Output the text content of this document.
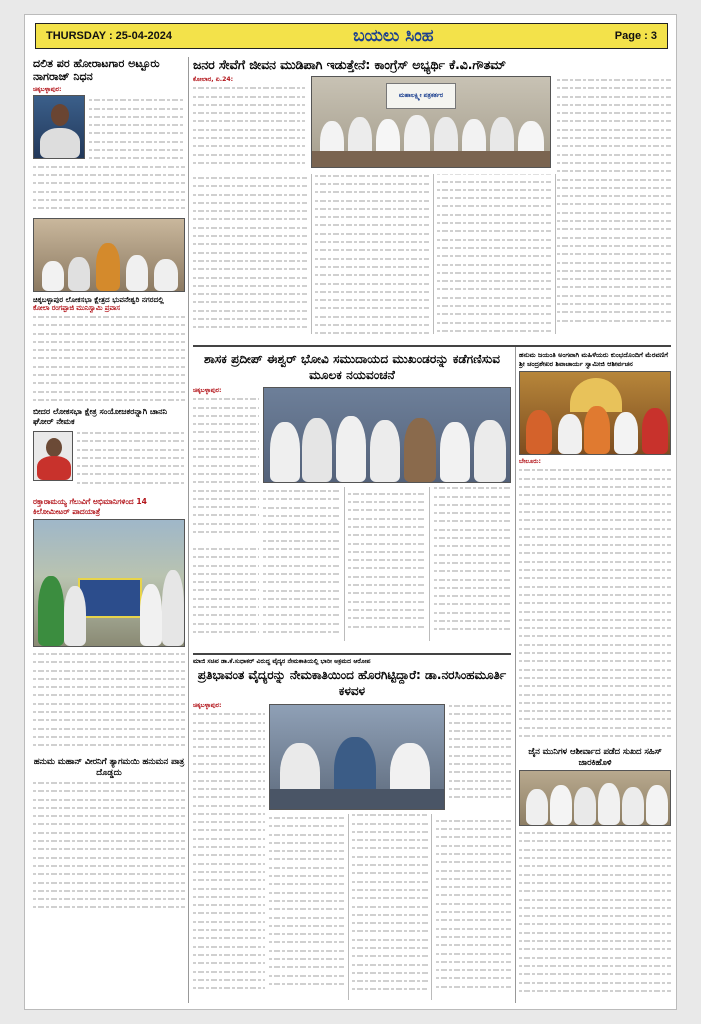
THURSDAY : 25-04-2024	ಬಯಲು ಸಿಂಹ	Page : 3
ದಲಿತ ಪರ ಹೋರಾಟಗಾರ ಅಟ್ಟೂರು ನಾಗರಾಜ್ ನಿಧನ
ಚಿಕ್ಕಬಳ್ಳಾಪುರ:
ಚಿಕ್ಕಬಳ್ಳಾಪುರ ಲೋಕಸಭಾ ಕ್ಷೇತ್ರದ ಭುವನೇಶ್ವರಿ ನಗರದಲ್ಲಿ
ಕೋಲಾ ರಂಗಪ್ಪಾಜಿ ಮುನಿಸ್ವಾಮಿ ಪ್ರವಾಸ
ಬೀದರ ಲೋಕಸಭಾ ಕ್ಷೇತ್ರ ಸಂಯೋಜಕರನ್ನಾಗಿ ಚಾನನಿ ಘೋರ್ ನೇಮಕ
ರಕ್ತಾರಾಮಯ್ಯ ಗೆಲುವಿಗೆ ಅಭಿಮಾನಿಗಳಿಂದ 14 ಕಿಲೋಮೀಟರ್ ಪಾದಯಾತ್ರೆ
ಹನುಮ ಮಹಾನ್ ವೀರನಿಗೆ ತ್ಯಾಗಮಯಿ ಹನುಮನ ಪಾತ್ರ ದೊಡ್ಡದು
ಜನರ ಸೇವೆಗೆ ಜೀವನ ಮುಡಿಪಾಗಿ ಇಡುತ್ತೇನೆ: ಕಾಂಗ್ರೆಸ್ ಅಭ್ಯರ್ಥಿ ಕೆ.ವಿ.ಗೌತಮ್
ಕೋಲಾರ, ಏ.24:
ಮಹಾಲಕ್ಷ್ಮೀ ಪತ್ರಕರ್ತರ
ಶಾಸಕ ಪ್ರದೀಪ್ ಈಶ್ವರ್ ಭೋವಿ ಸಮುದಾಯದ ಮುಖಂಡರನ್ನು ಕಡೆಗಣಿಸುವ ಮೂಲಕ ನಯವಂಚನೆ
ಚಿಕ್ಕಬಳ್ಳಾಪುರ:
ಮಾಜಿ ಸಚಿವ ಡಾ.ಕೆ.ಸುಧಾಕರ್ ವಿರುದ್ಧ ವೈದ್ಯರ ನೇಮಕಾತಿಯಲ್ಲಿ ಭಾರೀ ಅಕ್ರಮದ ಆರೋಪ
ಪ್ರತಿಭಾವಂತ ವೈದ್ಯರನ್ನು ನೇಮಕಾತಿಯಿಂದ ಹೊರಗಿಟ್ಟಿದ್ದಾರೆ: ಡಾ.ನರಸಿಂಹಮೂರ್ತಿ ಕಳವಳ
ಚಿಕ್ಕಬಳ್ಳಾಪುರ:
ಹನುಮ ಜಯಂತಿ ಅಂಗವಾಗಿ ಮಹಿಳೆಯರು ಕುಂಭದೊಂದಿಗೆ ಮೆರವಣಿಗೆ ಶ್ರೀ ಚಂದ್ರಶೇಖರ ಶಿವಾಚಾರ್ಯ ಸ್ವಾಮೀಜಿ ಆಶೀರ್ವಚನ
ಬೇಲೂರು:
ಜೈನ ಮುನಿಗಳ ಆಶೀರ್ವಾದ ಪಡೆದ ಸುಖದ ಸಹಿಸ್ ಜಾರಕಿಹೊಳಿ
